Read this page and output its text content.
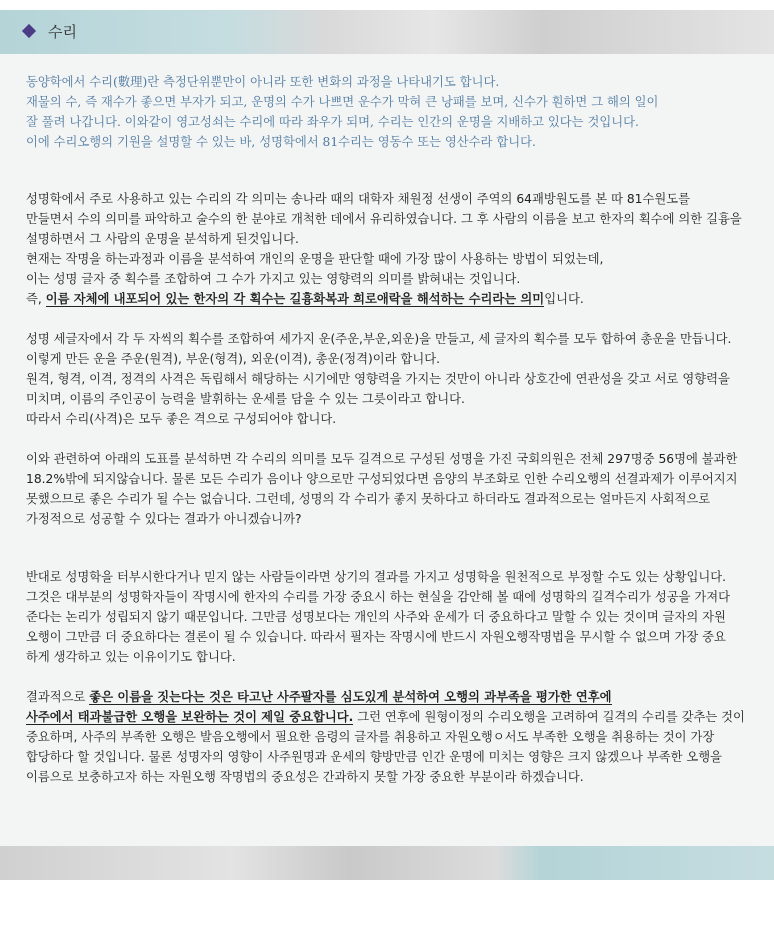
수리

동양학에서 수리(數理)란 측정단위뿐만이 아니라 또한 변화의 과정을 나타내기도 합니다.
재물의 수, 즉 재수가 좋으면 부자가 되고, 운명의 수가 나쁘면 운수가 막혀 큰 낭패를 보며, 신수가 훤하면 그 해의 일이
잘 풀려 나갑니다. 이와같이 영고성쇠는 수리에 따라 좌우가 되며, 수리는 인간의 운명을 지배하고 있다는 것입니다.
이에 수리오행의 기원을 설명할 수 있는 바, 성명학에서 81수리는 영동수 또는 영산수라 합니다.

성명학에서 주로 사용하고 있는 수리의 각 의미는 송나라 때의 대학자 채원정 선생이 주역의 64괘방원도를 본 따 81수원도를
만들면서 수의 의미를 파악하고 술수의 한 분야로 개척한 데에서 유리하였습니다. 그 후 사람의 이름을 보고 한자의 획수에 의한 길흉을
설명하면서 그 사람의 운명을 분석하게 된것입니다.
현재는 작명을 하는과정과 이름을 분석하여 개인의 운명을 판단할 때에 가장 많이 사용하는 방법이 되었는데,
이는 성명 글자 중 획수를 조합하여 그 수가 가지고 있는 영향력의 의미를 밝혀내는 것입니다.
즉, 이름 자체에 내포되어 있는 한자의 각 획수는 길흉화복과 희로애락을 해석하는 수리라는 의미입니다.

성명 세글자에서 각 두 자씩의 획수를 조합하여 세가지 운(주운,부운,외운)을 만들고, 세 글자의 획수를 모두 합하여 총운을 만듭니다.
이렇게 만든 운을 주운(원격), 부운(형격), 외운(이격), 총운(정격)이라 합니다.
원격, 형격, 이격, 정격의 사격은 독립해서 해당하는 시기에만 영향력을 가지는 것만이 아니라 상호간에 연관성을 갖고 서로 영향력을
미치며, 이름의 주인공이 능력을 발휘하는 운세를 담을 수 있는 그릇이라고 합니다.
따라서 수리(사격)은 모두 좋은 격으로 구성되어야 합니다.

이와 관련하여 아래의 도표를 분석하면 각 수리의 의미를 모두 길격으로 구성된 성명을 가진 국회의원은 전체 297명중 56명에 불과한
18.2%밖에 되지않습니다. 물론 모든 수리가 음이나 양으로만 구성되었다면 음양의 부조화로 인한 수리오행의 선결과제가 이루어지지
못했으므로 좋은 수리가 될 수는 없습니다. 그런데, 성명의 각 수리가 좋지 못하다고 하더라도 결과적으로는 얼마든지 사회적으로
가정적으로 성공할 수 있다는 결과가 아니겠습니까?

반대로 성명학을 터부시한다거나 믿지 않는 사람들이라면 상기의 결과를 가지고 성명학을 원천적으로 부정할 수도 있는 상황입니다.
그것은 대부분의 성명학자들이 작명시에 한자의 수리를 가장 중요시 하는 현실을 감안해 볼 때에 성명학의 길격수리가 성공을 가져다
준다는 논리가 성립되지 않기 때문입니다. 그만큼 성명보다는 개인의 사주와 운세가 더 중요하다고 말할 수 있는 것이며 글자의 자원
오행이 그만큼 더 중요하다는 결론이 될 수 있습니다. 따라서 필자는 작명시에 반드시 자원오행작명법을 무시할 수 없으며 가장 중요
하게 생각하고 있는 이유이기도 합니다.

결과적으로 좋은 이름을 짓는다는 것은 타고난 사주팔자를 심도있게 분석하여 오행의 과부족을 평가한 연후에
사주에서 태과불급한 오행을 보완하는 것이 제일 중요합니다. 그런 연후에 원형이정의 수리오행을 고려하여 길격의 수리를 갖추는 것이
중요하며, 사주의 부족한 오행은 발음오행에서 필요한 음령의 글자를 취용하고 자원오행ㅇ서도 부족한 오행을 취용하는 것이 가장
합당하다 할 것입니다. 물론 성명자의 영향이 사주원명과 운세의 향방만큼 인간 운명에 미치는 영향은 크지 않겠으나 부족한 오행을
이름으로 보충하고자 하는 자원오행 작명법의 중요성은 간과하지 못할 가장 중요한 부분이라 하겠습니다.
